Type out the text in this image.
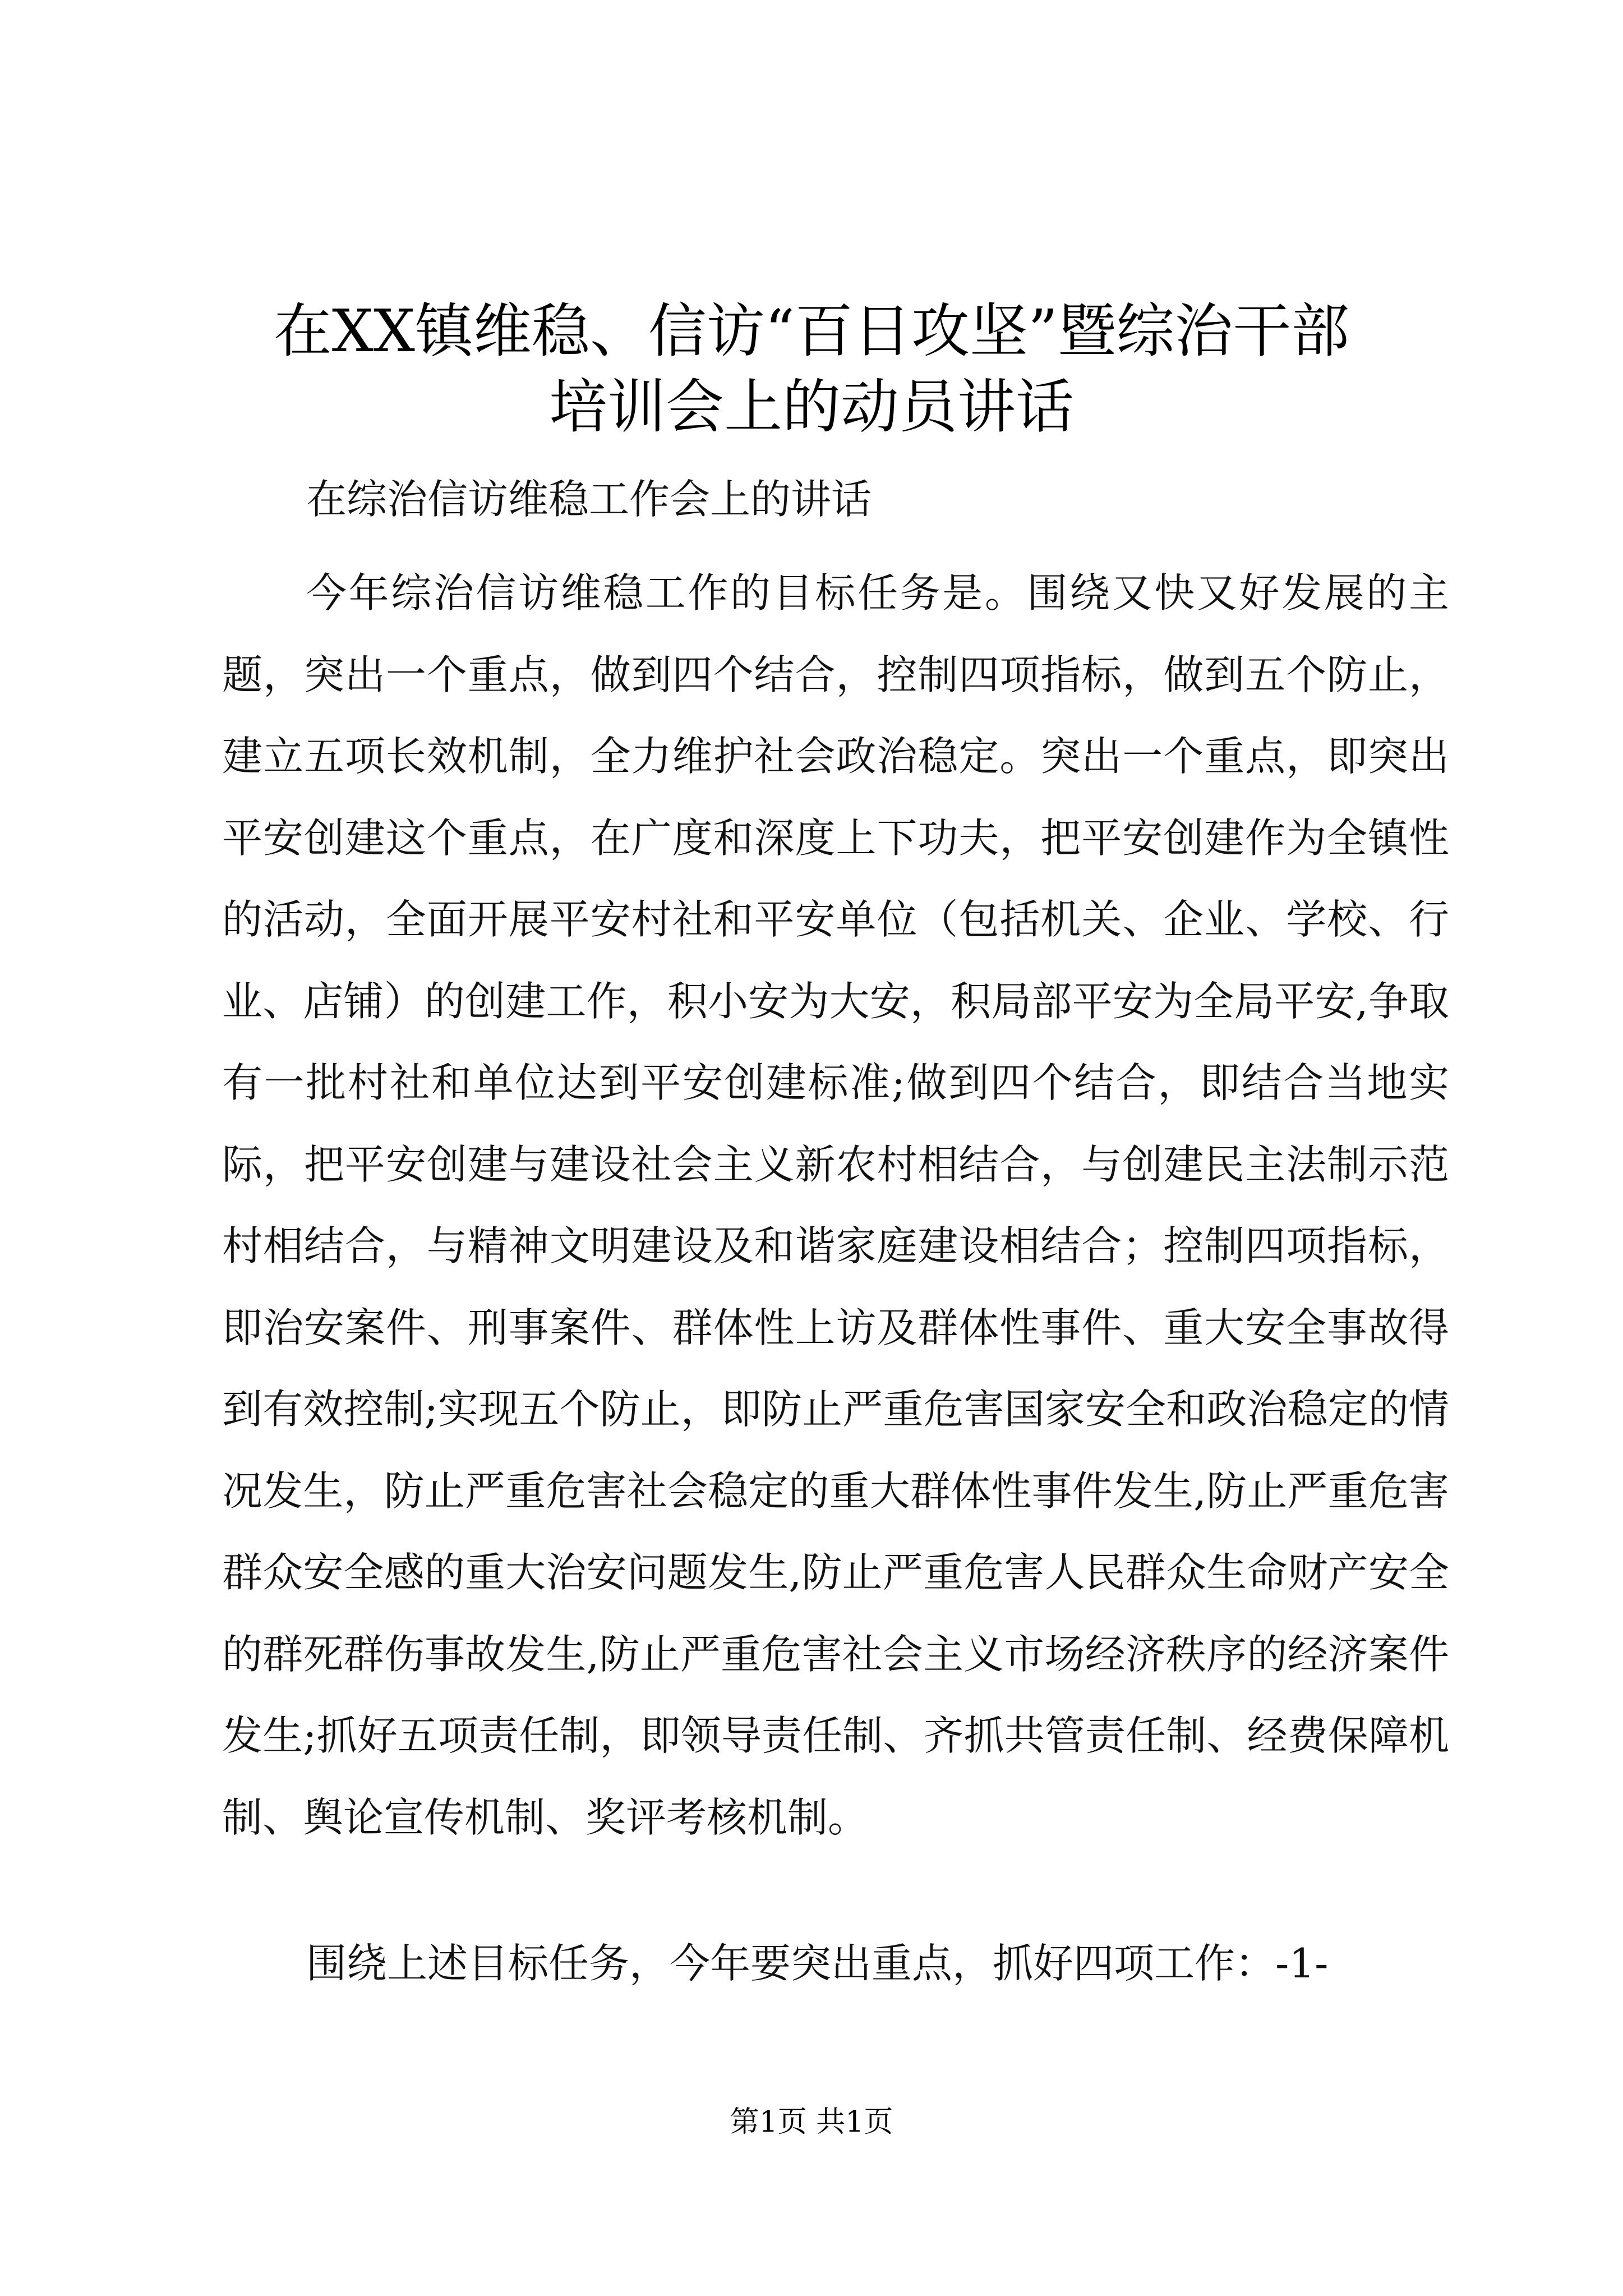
在XX镇维稳、信访“百日攻坚”暨综治干部
培训会上的动员讲话
在综治信访维稳工作会上的讲话
今年综治信访维稳工作的目标任务是。围绕又快又好发展的主题，突出一个重点，做到四个结合，控制四项指标，做到五个防止，建立五项长效机制，全力维护社会政治稳定。突出一个重点，即突出平安创建这个重点，在广度和深度上下功夫，把平安创建作为全镇性的活动，全面开展平安村社和平安单位（包括机关、企业、学校、行业、店铺）的创建工作，积小安为大安，积局部平安为全局平安,争取有一批村社和单位达到平安创建标准;做到四个结合，即结合当地实际，把平安创建与建设社会主义新农村相结合，与创建民主法制示范村相结合，与精神文明建设及和谐家庭建设相结合；控制四项指标，即治安案件、刑事案件、群体性上访及群体性事件、重大安全事故得到有效控制;实现五个防止，即防止严重危害国家安全和政治稳定的情况发生，防止严重危害社会稳定的重大群体性事件发生,防止严重危害群众安全感的重大治安问题发生,防止严重危害人民群众生命财产安全的群死群伤事故发生,防止严重危害社会主义市场经济秩序的经济案件发生;抓好五项责任制，即领导责任制、齐抓共管责任制、经费保障机制、舆论宣传机制、奖评考核机制。
围绕上述目标任务，今年要突出重点，抓好四项工作：-1-
第1页 共1页
